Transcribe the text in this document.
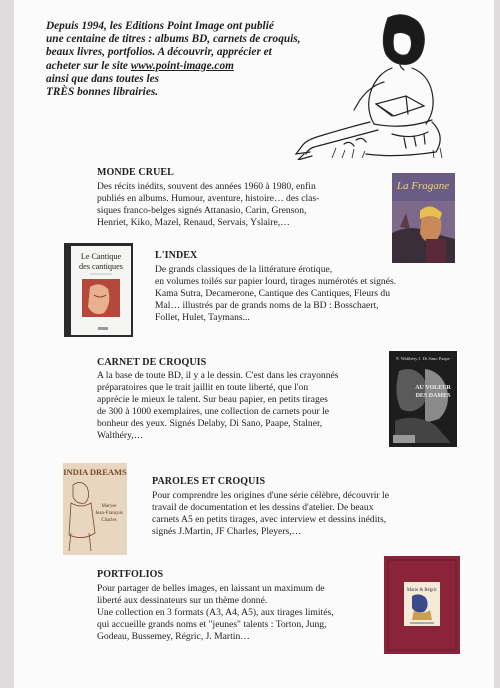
Depuis 1994, les Editions Point Image ont publié
une centaine de titres : albums BD, carnets de croquis,
beaux livres, portfolios. A découvrir, apprécier et
acheter sur le site www.point-image.com
ainsi que dans toutes les
TRÈS bonnes librairies.
MONDE CRUEL
Des récits inédits, souvent des années 1960 à 1980, enfin
publiés en albums. Humour, aventure, histoire… des clas-
siques franco-belges signés Attanasio, Carin, Grenson,
Henriet, Kiko, Mazel, Renaud, Servais, Yslaire,…
La Fragane
Le Cantique
des cantiques
L'INDEX
De grands classiques de la littérature érotique,
en volumes toilés sur papier lourd, tirages numérotés et signés.
Kama Sutra, Decamerone, Cantique des Cantiques, Fleurs du
Mal… illustrés par de grands noms de la BD : Bosschaert,
Follet, Hulet, Taymans...
CARNET DE CROQUIS
A la base de toute BD, il y a le dessin. C'est dans les crayonnés
préparatoires que le trait jaillit en toute liberté, que l'on
apprécie le mieux le talent. Sur beau papier, en petits tirages
de 300 à 1000 exemplaires, une collection de carnets pour le
bonheur des yeux. Signés Delaby, Di Sano, Paape, Stalner,
Walthéry,…
F. Walthéry J. Di Sano Paape
AU VOLEUR
DES DAMES
INDIA DREAMS
Maryse
Jean-François
Charles
PAROLES ET CROQUIS
Pour comprendre les origines d'une série célèbre, découvrir le
travail de documentation et les dessins d'atelier. De beaux
carnets A5 en petits tirages, avec interview et dessins inédits,
signés J.Martin, JF Charles, Pleyers,…
PORTFOLIOS
Pour partager de belles images, en laissant un maximum de
liberté aux dessinateurs sur un thème donné.
Une collection en 3 formats (A3, A4, A5), aux tirages limités,
qui accueille grands noms et "jeunes" talents : Torton, Jung,
Godeau, Bussemey, Régric, J. Martin…
Marie & Régric
